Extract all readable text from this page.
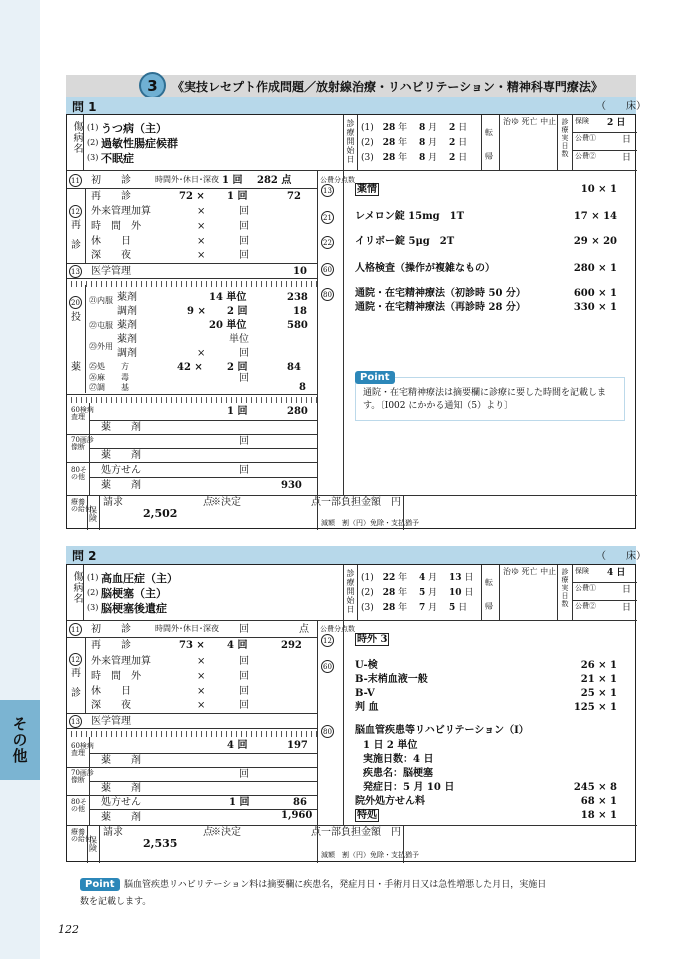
その他
3	《実技レセプト作成問題／放射線治療・リハビリテーション・精神科専門療法》
問 1	（　　床）
傷病名 (1) うつ病（主）
(2) 過敏性腸症候群
(3) 不眠症	診療開始日 (1)　28 年　 8 月　 2 日
(2)　28 年　 8 月　 2 日
(3)　28 年　 8 月　 2 日
転
帰
治ゆ 死亡 中止 診療実日数 保険 2 日
公費①	日
公費②	日
11 初　　診	時間外･休日･深夜 1 回 282 点	公費分点数
12
再
診
再　　診	72 × 1 回	72
外来管理加算	×	回
時　間　外	×	回
休　　日	×	回
深　　夜	×	回
13 医学管理	10
20
投
薬
㉑内服 薬剤	14 単位	238
調剤	9 × 2 回	18
㉒屯服 薬剤	20 単位	580
㉓外用
薬剤	単位
調剤	×	回
㉕処　　方	42 × 2 回	84
㉖麻　　毒	回
㉗調　　基	8
60検病
査理	1 回	280
薬　　剤
70画診
像断	回
薬　　剤
80そ
の他
処方せん	回
薬　　剤	930
療養
の給付
保
険
請求
2,502
点
※決定	点 一部負担金額　円
減額　割（円）免除・支払猶予
13	薬情	10 × 1
21 レメロン錠 15mg　1T	17 × 14
22 イリボー錠 5μg　2T	29 × 20
60 人格検査（操作が複雑なもの）	280 × 1
80 通院・在宅精神療法（初診時 50 分）	600 × 1
通院・在宅精神療法（再診時 28 分）	330 × 1
Point
通院・在宅精神療法は摘要欄に診療に要した時間を記載します。〔I002 にかかる通知（5）より〕
問 2	（　　床）
傷病名 (1) 高血圧症（主）
(2) 脳梗塞（主）
(3) 脳梗塞後遺症	診療開始日 (1)　22 年　 4 月　 13 日
(2)　28 年　 5 月　 10 日
(3)　28 年　 7 月　 5 日
転
帰
治ゆ 死亡 中止 診療実日数 保険 4 日
公費①	日
公費②	日
11 初　　診	時間外･休日･深夜 回	点 公費分点数
12
再
診
再　　診	73 × 4 回	292
外来管理加算	×	回
時　間　外	×	回
休　　日	×	回
深　　夜	×	回
13 医学管理
60検病
査理
4 回	197
薬　　剤
70画診
像断	回
薬　　剤
80そ
の他
処方せん	1 回	86
薬　　剤	1,960
療養
の給付
保
険
請求
2,535
点
※決定	点 一部負担金額　円
減額　割（円）免除・支払猶予
12	時外 3
60 U-検	26 × 1
B-末梢血液一般	21 × 1
B-V	25 × 1
判 血	125 × 1
80 脳血管疾患等リハビリテーション（Ⅰ）
1 日 2 単位
実施日数：4 日
疾患名：脳梗塞
発症日：5 月 10 日	245 × 8
院外処方せん料	68 × 1
特処	18 × 1
Point	脳血管疾患リハビリテーション料は摘要欄に疾患名，発症月日・手術月日又は急性増悪した月日，実施日
数を記載します。
122
